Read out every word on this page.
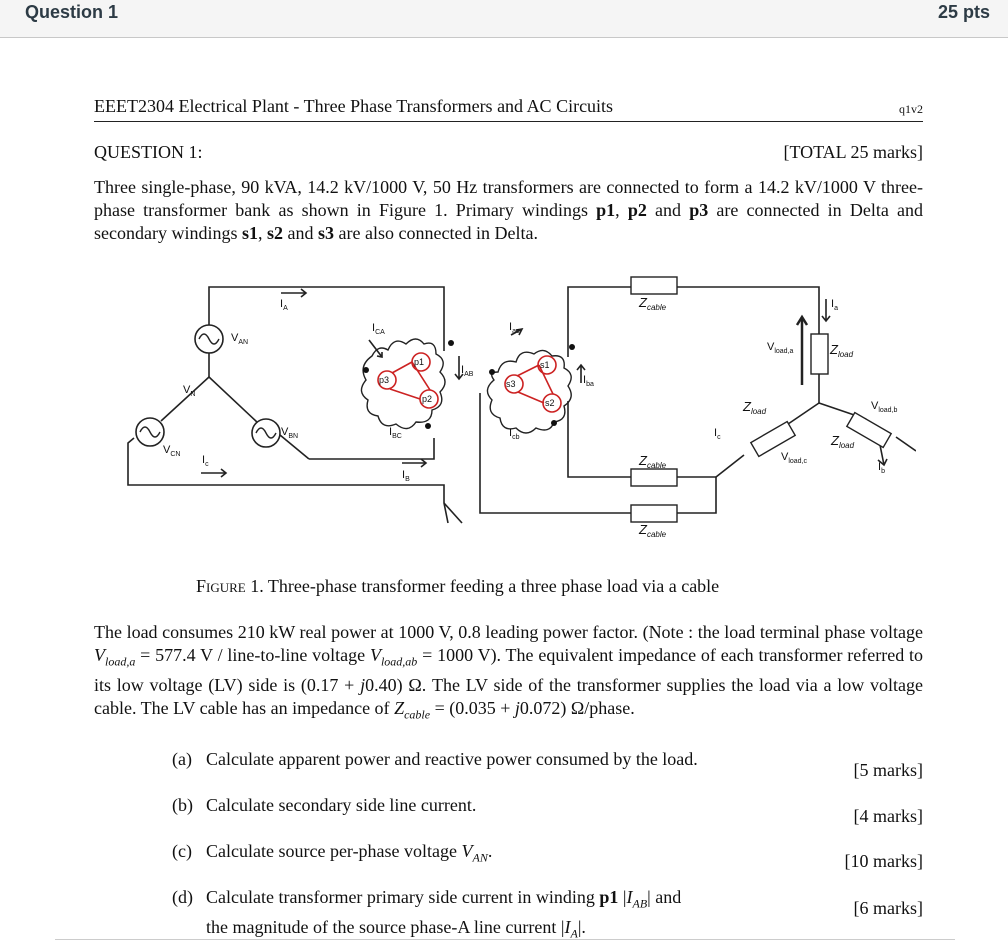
Question 1	25 pts
EEET2304 Electrical Plant - Three Phase Transformers and AC Circuits	q1v2
QUESTION 1:	[TOTAL 25 marks]
Three single-phase, 90 kVA, 14.2 kV/1000 V, 50 Hz transformers are connected to form a 14.2 kV/1000 V three-phase transformer bank as shown in Figure 1. Primary windings p1, p2 and p3 are connected in Delta and secondary windings s1, s2 and s3 are also connected in Delta.
$I_A$
$V_{AN}$
$V_N$
$V_{CN}$ $I_c$
$V_{BN}$
$I_{CA}$
$I_{AB}$
$I_{BC}$
$I_B$
$I_{ac}$
$I_{ba}$
$I_{cb}$
$V_{load,a}$
$I_a$
$V_{load,b}$
$V_{load,c}$
$I_c$
$I_b$
p3
p1
p2
s3
s1
s2
$Z_{cable}$
$Z_{cable}$
$Z_{cable}$
$Z_{load}$
$Z_{load}$
$Z_{load}$
Figure 1. Three-phase transformer feeding a three phase load via a cable
The load consumes 210 kW real power at 1000 V, 0.8 leading power factor. (Note : the load terminal phase voltage $V_{load,a} = 577.4$ V / line-to-line voltage $V_{load,ab} = 1000$ V). The equivalent impedance of each transformer referred to its low voltage (LV) side is (0.17 + j0.40) Ω. The LV side of the transformer supplies the load via a low voltage cable. The LV cable has an impedance of $Z_{cable} = (0.035 + j0.072)$ Ω/phase.
(a) Calculate apparent power and reactive power consumed by the load.
[5 marks]
(b) Calculate secondary side line current.
[4 marks]
(c) Calculate source per-phase voltage $V_{AN}$.	[10 marks]
(d) Calculate transformer primary side current in winding p1 $|I_{AB}|$ and
the magnitude of the source phase-A line current $|I_A|$.
[6 marks]
